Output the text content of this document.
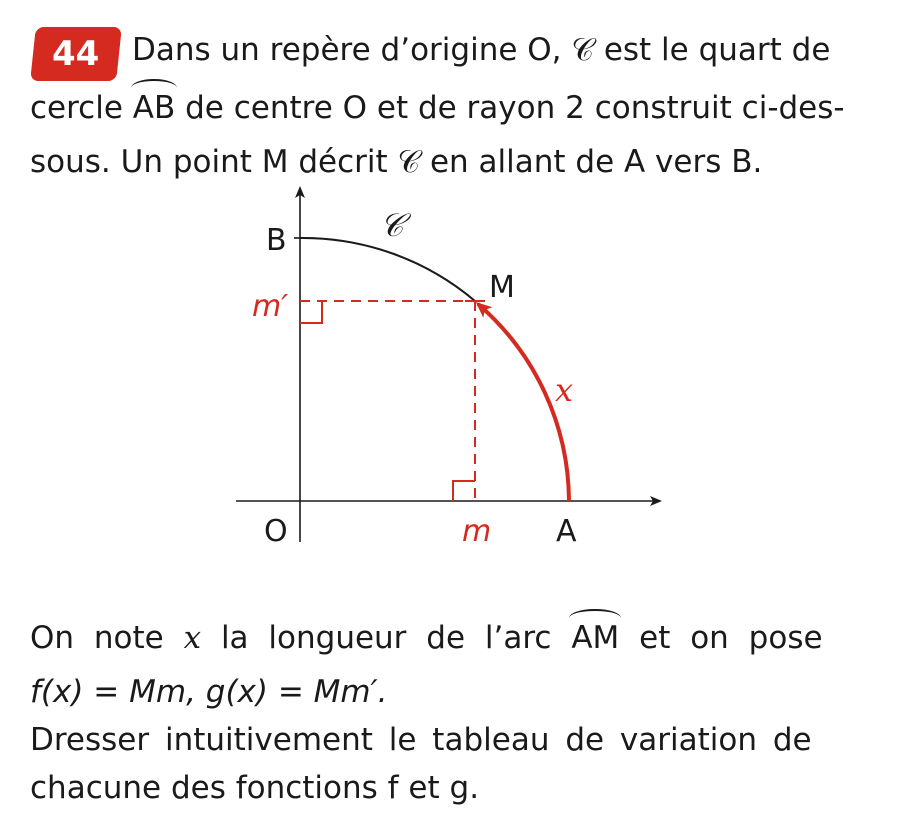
44	Dans un repère d’origine O, 𝒞 est le quart de
cercle AB de centre O et de rayon 2 construit ci-des-
sous. Un point M décrit 𝒞 en allant de A vers B.
B	𝒞
M
m′
x
O	m A
On note x la longueur de l’arc AM et on pose
f(x) = Mm, g(x) = Mm′.
Dresser intuitivement le tableau de variation de
chacune des fonctions f et g.
